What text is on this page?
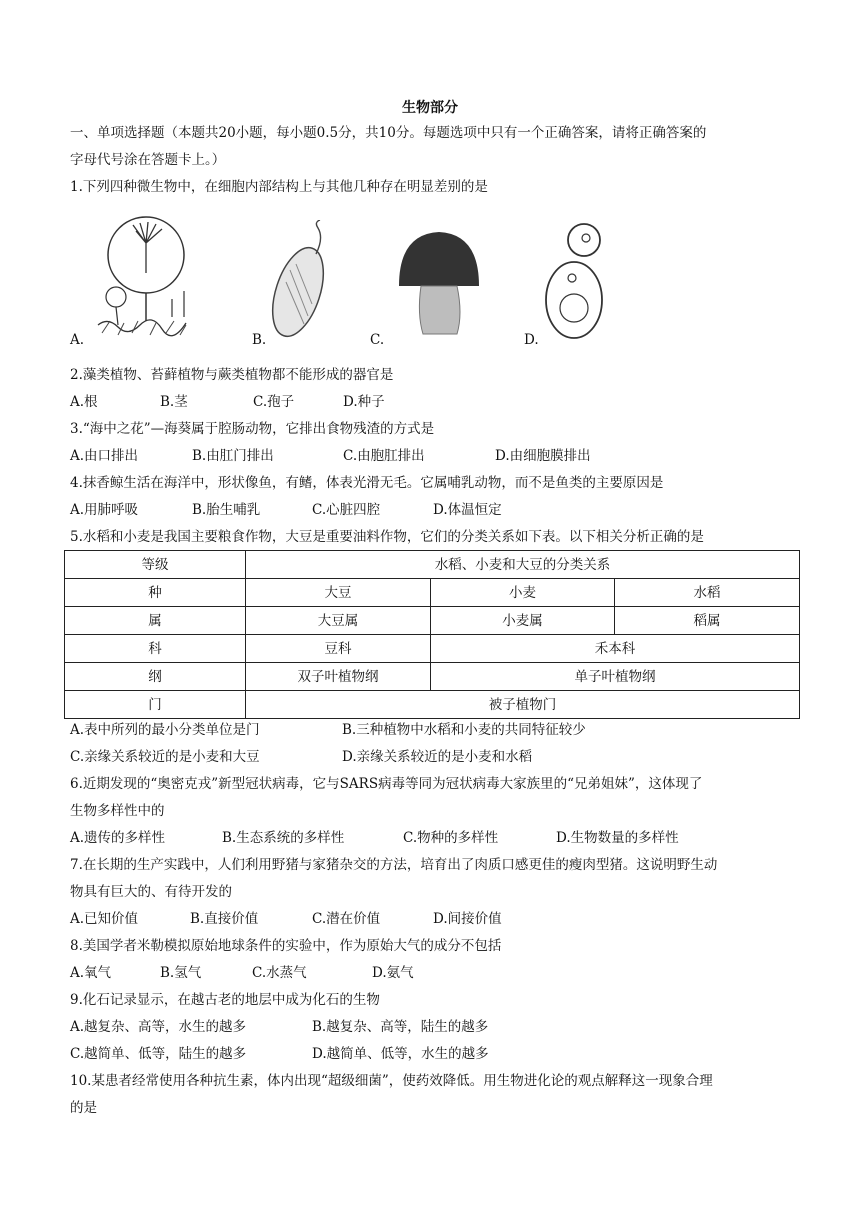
生物部分
一、单项选择题（本题共20小题，每小题0.5分，共10分。每题选项中只有一个正确答案，请将正确答案的
字母代号涂在答题卡上。）
1.下列四种微生物中，在细胞内部结构上与其他几种存在明显差别的是
A.	B.	C.	D.
2.藻类植物、苔藓植物与蕨类植物都不能形成的器官是
A.根	B.茎	C.孢子	D.种子
3.“海中之花”—海葵属于腔肠动物，它排出食物残渣的方式是
A.由口排出	B.由肛门排出	C.由胞肛排出	D.由细胞膜排出
4.抹香鲸生活在海洋中，形状像鱼，有鳍，体表光滑无毛。它属哺乳动物，而不是鱼类的主要原因是
A.用肺呼吸	B.胎生哺乳	C.心脏四腔	D.体温恒定
5.水稻和小麦是我国主要粮食作物，大豆是重要油料作物，它们的分类关系如下表。以下相关分析正确的是
等级	水稻、小麦和大豆的分类关系		
种	大豆	小麦	水稻
属	大豆属	小麦属	稻属
科	豆科	禾本科	
纲	双子叶植物纲	单子叶植物纲	
门	被子植物门		
A.表中所列的最小分类单位是门	B.三种植物中水稻和小麦的共同特征较少
C.亲缘关系较近的是小麦和大豆	D.亲缘关系较近的是小麦和水稻
6.近期发现的“奥密克戎”新型冠状病毒，它与SARS病毒等同为冠状病毒大家族里的“兄弟姐妹”，这体现了
生物多样性中的
A.遗传的多样性	B.生态系统的多样性	C.物种的多样性	D.生物数量的多样性
7.在长期的生产实践中，人们利用野猪与家猪杂交的方法，培育出了肉质口感更佳的瘦肉型猪。这说明野生动
物具有巨大的、有待开发的
A.已知价值	B.直接价值	C.潜在价值	D.间接价值
8.美国学者米勒模拟原始地球条件的实验中，作为原始大气的成分不包括
A.氧气	B.氢气	C.水蒸气	D.氨气
9.化石记录显示，在越古老的地层中成为化石的生物
A.越复杂、高等，水生的越多	B.越复杂、高等，陆生的越多
C.越简单、低等，陆生的越多	D.越简单、低等，水生的越多
10.某患者经常使用各种抗生素，体内出现“超级细菌”，使药效降低。用生物进化论的观点解释这一现象合理
的是
